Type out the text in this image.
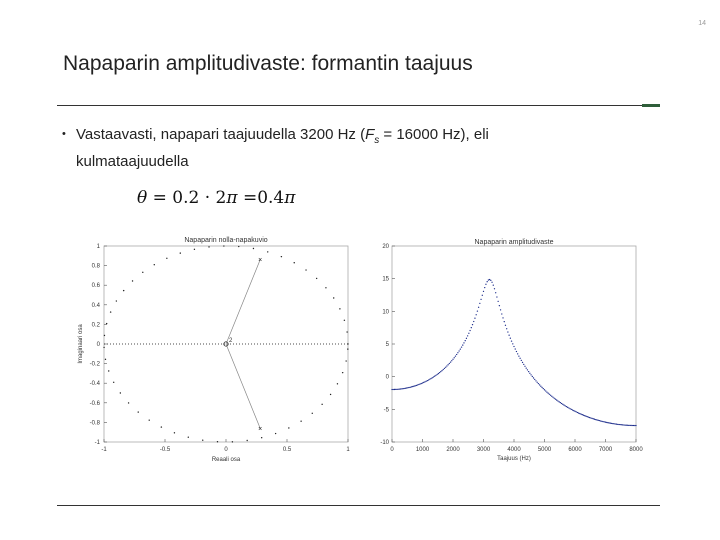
14
Napaparin amplitudivaste: formantin taajuus
• Vastaavasti, napapari taajuudella 3200 Hz ($F_s = 16000$ Hz), eli
kulmataajuudella
θ = 0.2 · 2π =0.4π
Napaparin nolla-napakuvio
1
0.8
0.6
0.4
0.2
0
-0.2
-0.4
-0.6
-0.8
-1
-1	-0.5	0	0.5	1
×
×
2
Reaali osa
Imaginaari osa
Napaparin amplitudivaste
20
15
10
5
0
-5
-10
0	1000	2000	3000	4000	5000	6000	7000	8000
Taajuus (Hz)
